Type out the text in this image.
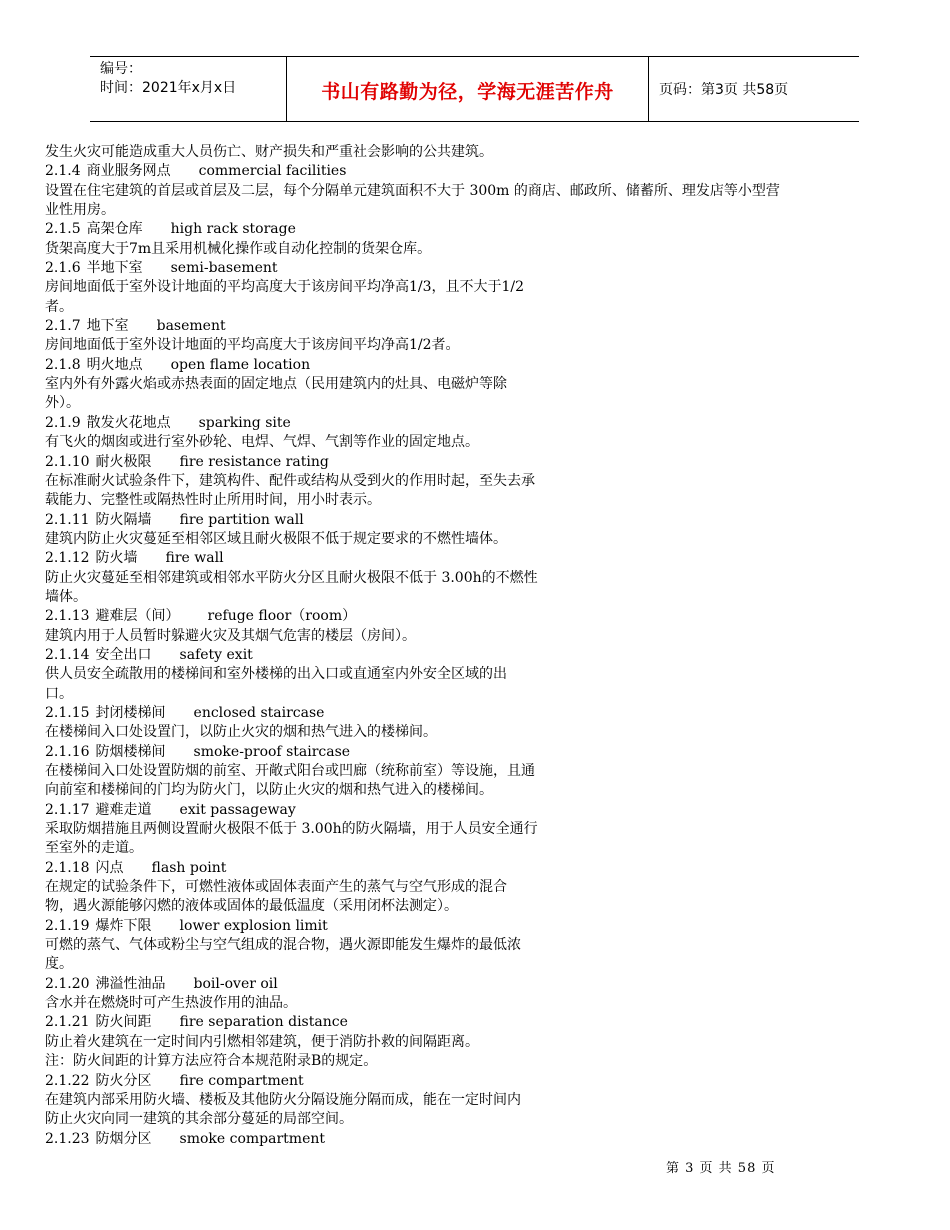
编号：
时间：2021年x月x日	书山有路勤为径，学海无涯苦作舟	页码：第3页 共58页
发生火灾可能造成重大人员伤亡、财产损失和严重社会影响的公共建筑。
2.1.4 商业服务网点 commercial facilities
设置在住宅建筑的首层或首层及二层，每个分隔单元建筑面积不大于 300m 的商店、邮政所、储蓄所、理发店等小型营
业性用房。
2.1.5 高架仓库 high rack storage
货架高度大于7m且采用机械化操作或自动化控制的货架仓库。
2.1.6 半地下室 semi-basement
房间地面低于室外设计地面的平均高度大于该房间平均净高1/3，且不大于1/2
者。
2.1.7 地下室 basement
房间地面低于室外设计地面的平均高度大于该房间平均净高1/2者。
2.1.8 明火地点 open flame location
室内外有外露火焰或赤热表面的固定地点（民用建筑内的灶具、电磁炉等除
外）。
2.1.9 散发火花地点 sparking site
有飞火的烟囱或进行室外砂轮、电焊、气焊、气割等作业的固定地点。
2.1.10 耐火极限 fire resistance rating
在标准耐火试验条件下，建筑构件、配件或结构从受到火的作用时起，至失去承
载能力、完整性或隔热性时止所用时间，用小时表示。
2.1.11 防火隔墙 fire partition wall
建筑内防止火灾蔓延至相邻区域且耐火极限不低于规定要求的不燃性墙体。
2.1.12 防火墙 fire wall
防止火灾蔓延至相邻建筑或相邻水平防火分区且耐火极限不低于 3.00h的不燃性
墙体。
2.1.13 避难层（间） refuge floor（room）
建筑内用于人员暂时躲避火灾及其烟气危害的楼层（房间）。
2.1.14 安全出口 safety exit
供人员安全疏散用的楼梯间和室外楼梯的出入口或直通室内外安全区域的出
口。
2.1.15 封闭楼梯间 enclosed staircase
在楼梯间入口处设置门，以防止火灾的烟和热气进入的楼梯间。
2.1.16 防烟楼梯间 smoke-proof staircase
在楼梯间入口处设置防烟的前室、开敞式阳台或凹廊（统称前室）等设施，且通
向前室和楼梯间的门均为防火门，以防止火灾的烟和热气进入的楼梯间。
2.1.17 避难走道 exit passageway
采取防烟措施且两侧设置耐火极限不低于 3.00h的防火隔墙，用于人员安全通行
至室外的走道。
2.1.18 闪点 flash point
在规定的试验条件下，可燃性液体或固体表面产生的蒸气与空气形成的混合
物，遇火源能够闪燃的液体或固体的最低温度（采用闭杯法测定）。
2.1.19 爆炸下限 lower explosion limit
可燃的蒸气、气体或粉尘与空气组成的混合物，遇火源即能发生爆炸的最低浓
度。
2.1.20 沸溢性油品 boil-over oil
含水并在燃烧时可产生热波作用的油品。
2.1.21 防火间距 fire separation distance
防止着火建筑在一定时间内引燃相邻建筑，便于消防扑救的间隔距离。
注：防火间距的计算方法应符合本规范附录B的规定。
2.1.22 防火分区 fire compartment
在建筑内部采用防火墙、楼板及其他防火分隔设施分隔而成，能在一定时间内
防止火灾向同一建筑的其余部分蔓延的局部空间。
2.1.23 防烟分区 smoke compartment
第 3 页 共 58 页
